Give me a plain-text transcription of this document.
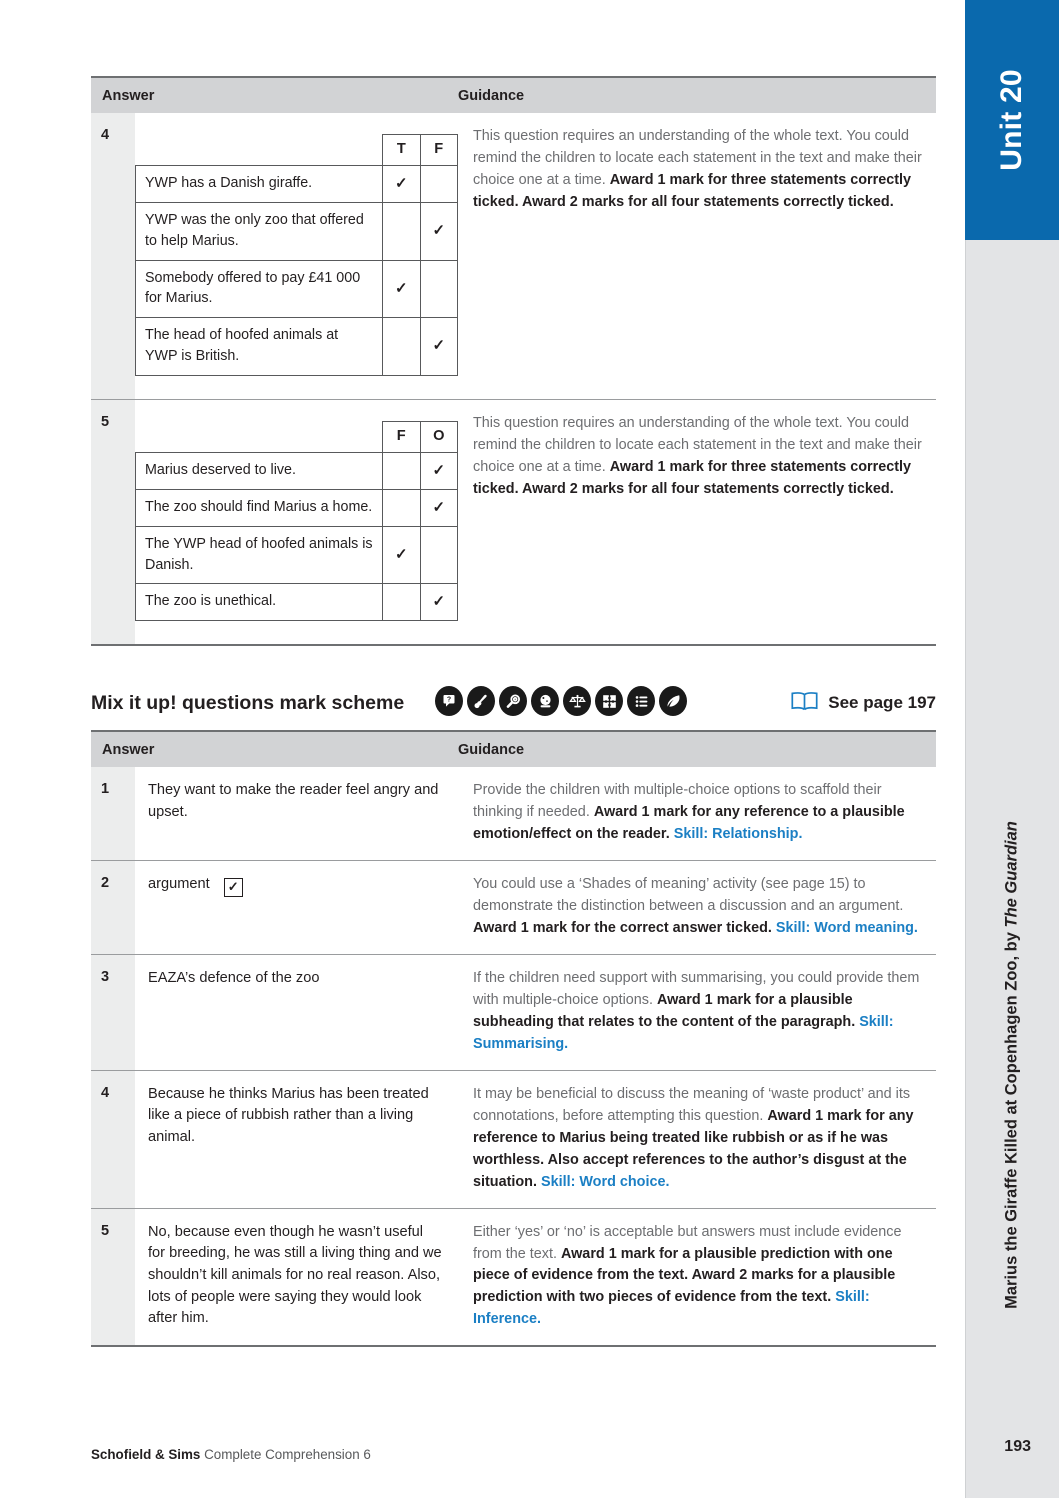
Answer	Guidance
4
	T	F
YWP has a Danish giraffe.	✓	
YWP was the only zoo that offered to help Marius.		✓
Somebody offered to pay £41 000 for Marius.	✓	
The head of hoofed animals at YWP is British.		✓
This question requires an understanding of the whole text. You could remind the children to locate each statement in the text and make their choice one at a time. Award 1 mark for three statements correctly ticked. Award 2 marks for all four statements correctly ticked.
5
	F	O
Marius deserved to live.		✓
The zoo should find Marius a home.		✓
The YWP head of hoofed animals is Danish.	✓	
The zoo is unethical.		✓
This question requires an understanding of the whole text. You could remind the children to locate each statement in the text and make their choice one at a time. Award 1 mark for three statements correctly ticked. Award 2 marks for all four statements correctly ticked.
Mix it up! questions mark scheme	?	See page 197
Answer	Guidance
1	They want to make the reader feel angry and upset.
Provide the children with multiple-choice options to scaffold their thinking if needed. Award 1 mark for any reference to a plausible emotion/effect on the reader. Skill: Relationship.
2	argument ✓	You could use a ‘Shades of meaning’ activity (see page 15) to demonstrate the distinction between a discussion and an argument. Award 1 mark for the correct answer ticked. Skill: Word meaning.
3	EAZA’s defence of the zoo	If the children need support with summarising, you could provide them with multiple-choice options. Award 1 mark for a plausible subheading that relates to the content of the paragraph. Skill: Summarising.
4	Because he thinks Marius has been treated like a piece of rubbish rather than a living animal.
It may be beneficial to discuss the meaning of ‘waste product’ and its connotations, before attempting this question. Award 1 mark for any reference to Marius being treated like rubbish or as if he was worthless. Also accept references to the author’s disgust at the situation. Skill: Word choice.
5	No, because even though he wasn’t useful for breeding, he was still a living thing and we shouldn’t kill animals for no real reason. Also, lots of people were saying they would look after him.
Either ‘yes’ or ‘no’ is acceptable but answers must include evidence from the text. Award 1 mark for a plausible prediction with one piece of evidence from the text. Award 2 marks for a plausible prediction with two pieces of evidence from the text. Skill: Inference.
Schofield & Sims Complete Comprehension 6
Unit 20
Marius the Giraffe Killed at Copenhagen Zoo, by The Guardian
193
